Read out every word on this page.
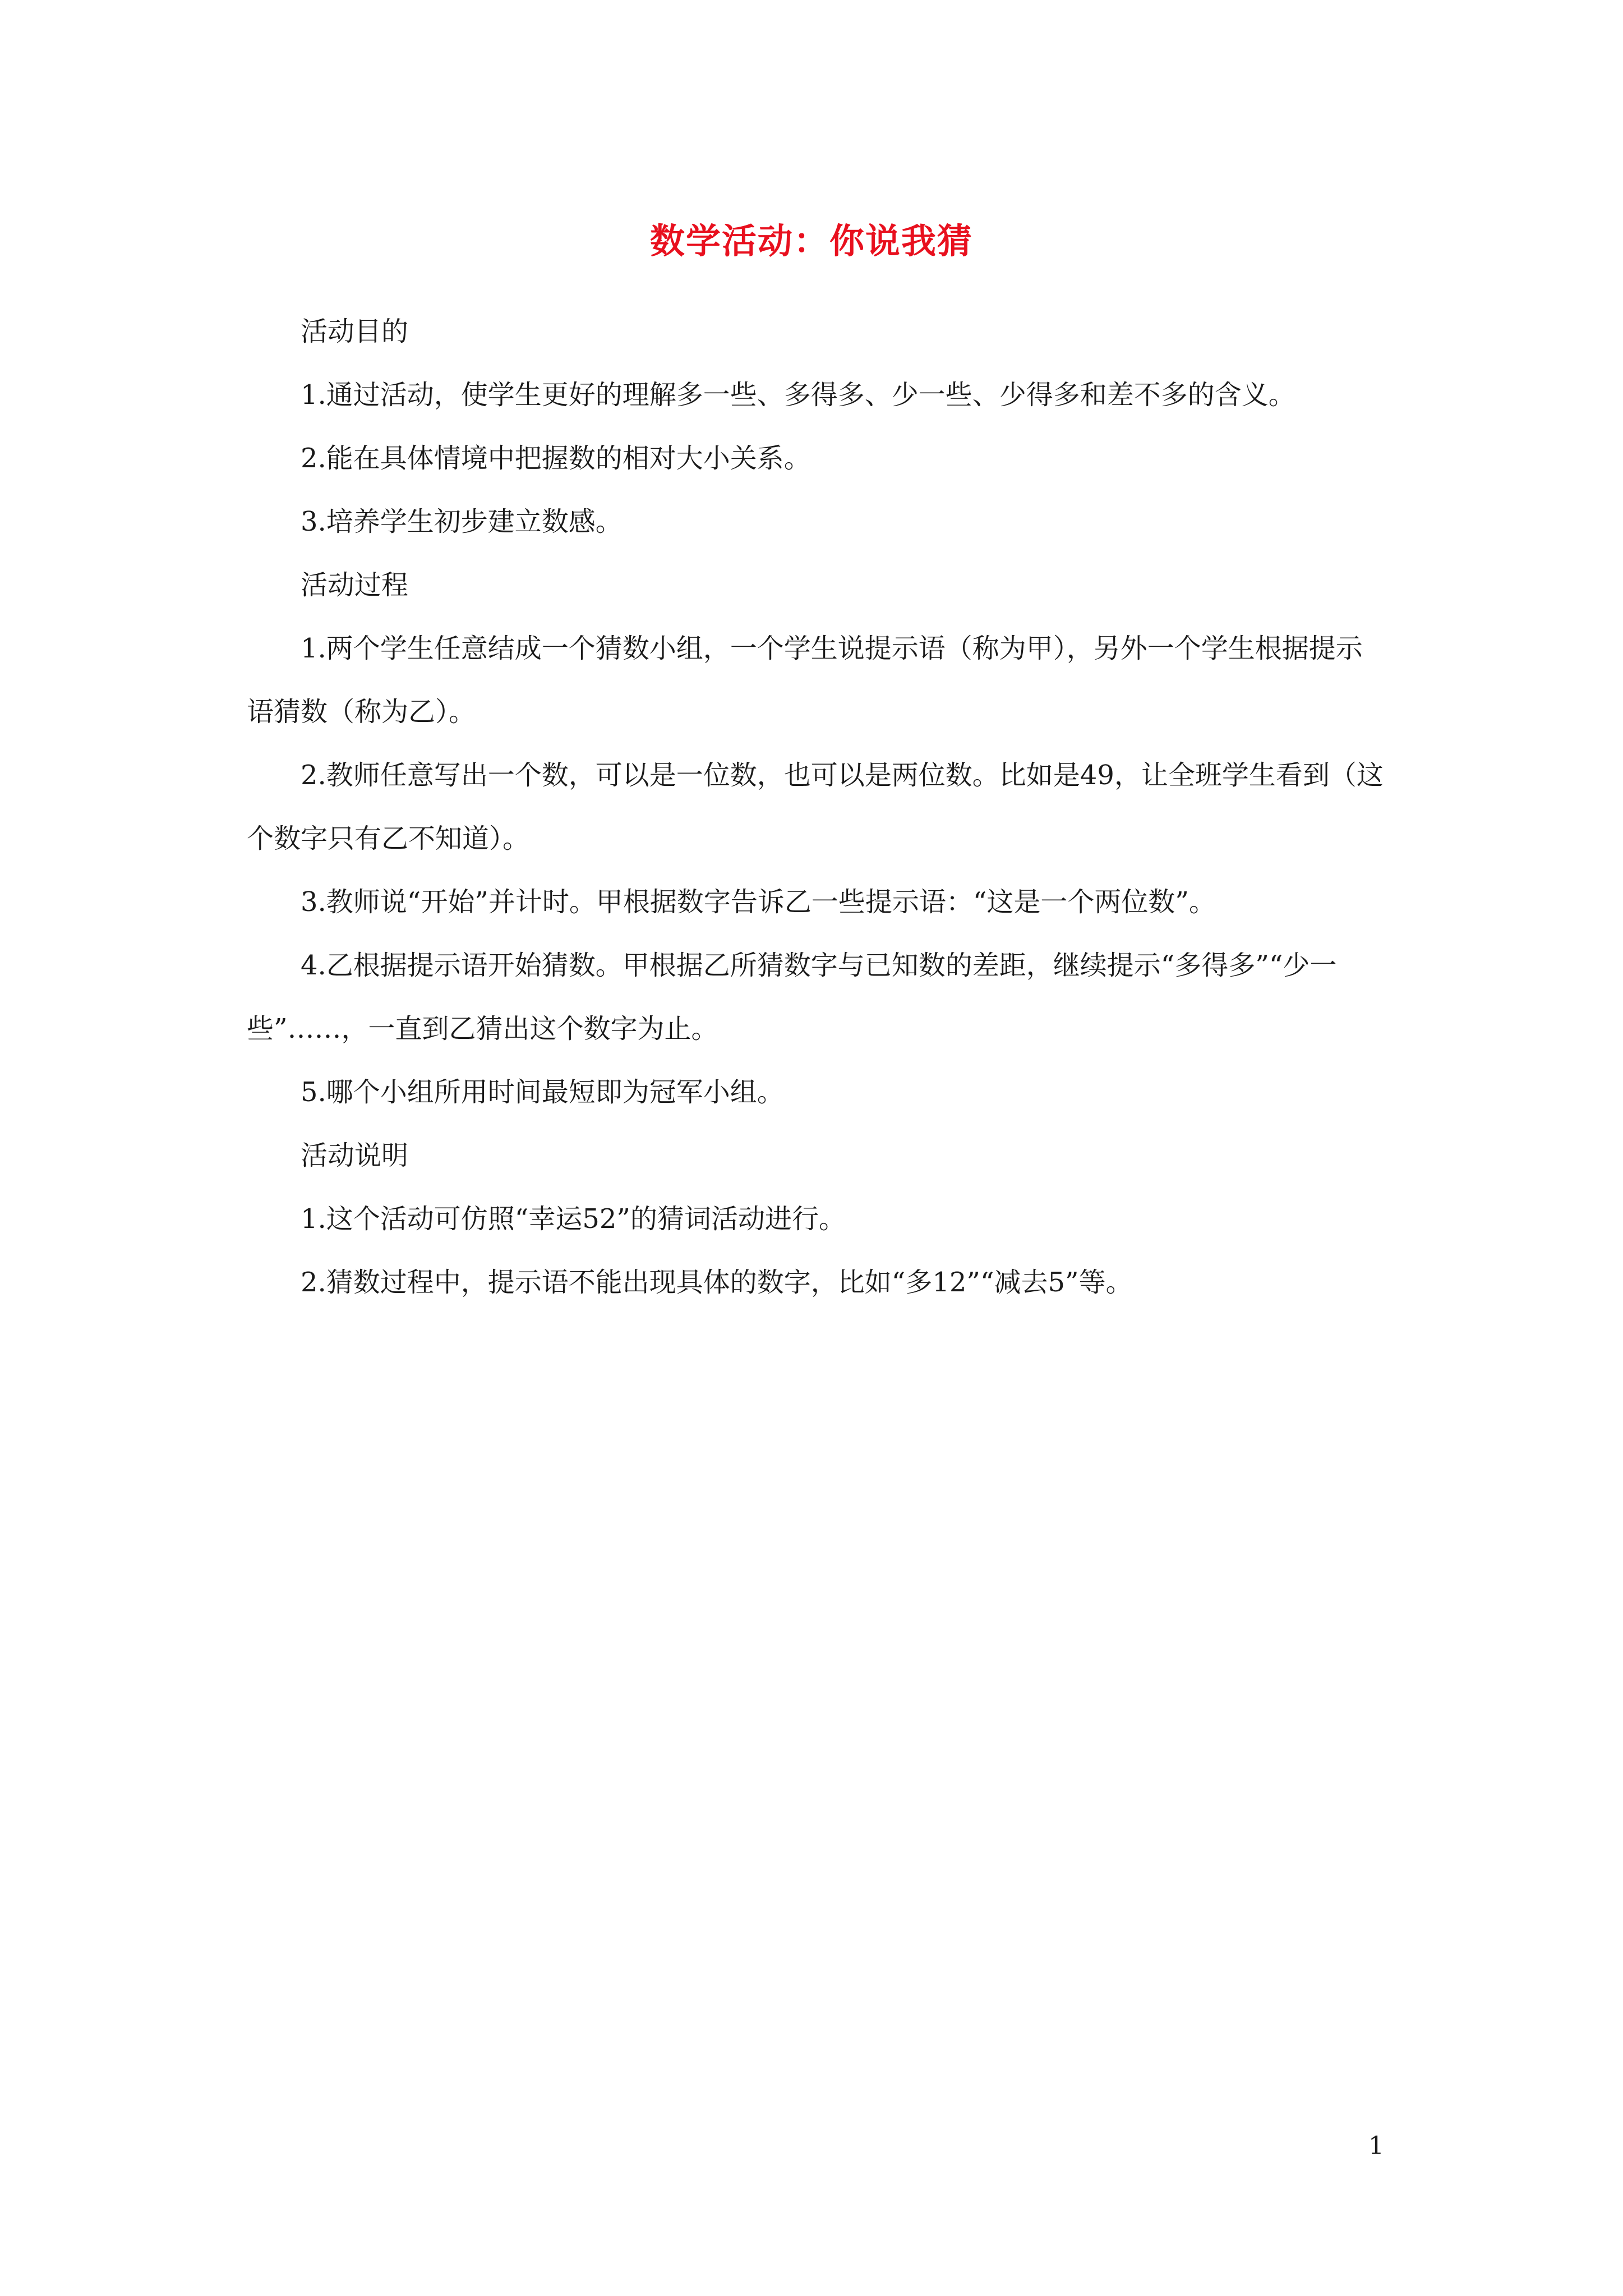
数学活动：你说我猜

活动目的

1.通过活动，使学生更好的理解多一些、多得多、少一些、少得多和差不多的含义。

2.能在具体情境中把握数的相对大小关系。

3.培养学生初步建立数感。

活动过程

1.两个学生任意结成一个猜数小组，一个学生说提示语（称为甲），另外一个学生根据提示语猜数（称为乙）。

2.教师任意写出一个数，可以是一位数，也可以是两位数。比如是49，让全班学生看到（这个数字只有乙不知道）。

3.教师说“开始”并计时。甲根据数字告诉乙一些提示语：“这是一个两位数”。

4.乙根据提示语开始猜数。甲根据乙所猜数字与已知数的差距，继续提示“多得多”“少一些”……，一直到乙猜出这个数字为止。

5.哪个小组所用时间最短即为冠军小组。

活动说明

1.这个活动可仿照“幸运52”的猜词活动进行。

2.猜数过程中，提示语不能出现具体的数字，比如“多12”“减去5”等。

1
